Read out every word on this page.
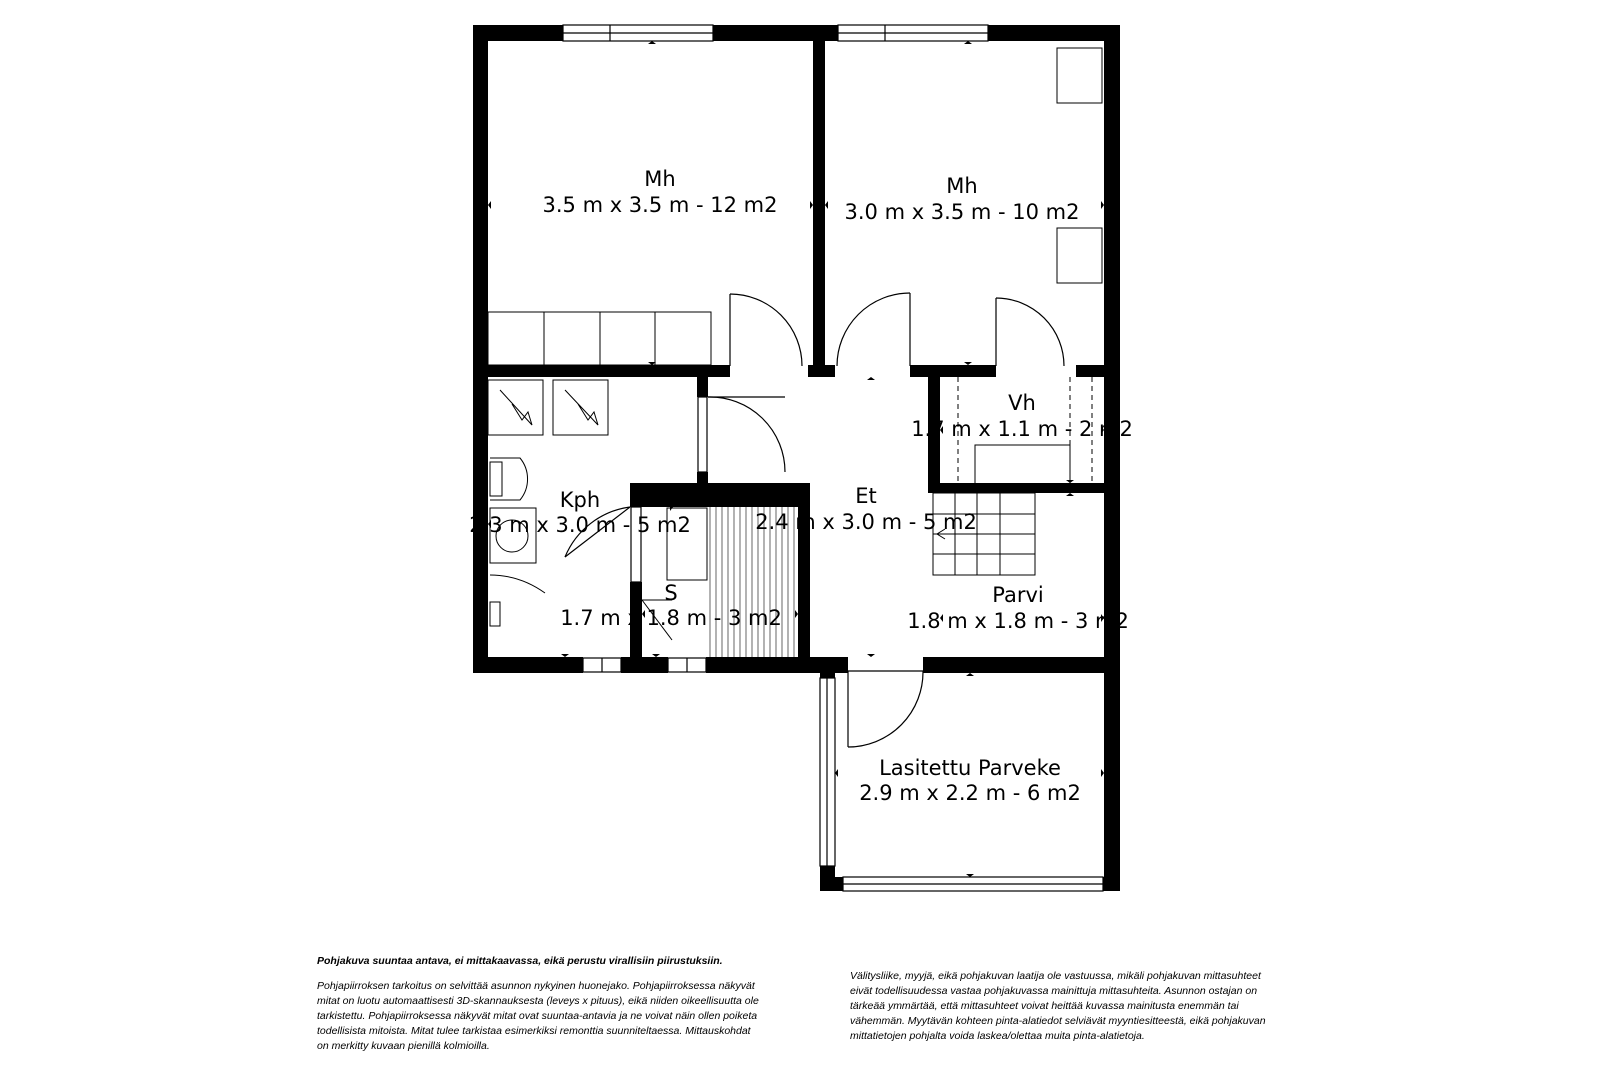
Mh
3.5 m x 3.5 m - 12 m2
Mh
3.0 m x 3.5 m - 10 m2
Vh
1.7 m x 1.1 m - 2 m2
Kph
2.3 m x 3.0 m - 5 m2
Et
2.4 m x 3.0 m - 5 m2
S
1.7 m x 1.8 m - 3 m2
Parvi
1.8 m x 1.8 m - 3 m2
Lasitettu Parveke
2.9 m x 2.2 m - 6 m2

Pohjakuva suuntaa antava, ei mittakaavassa, eikä perustu virallisiin piirustuksiin.

Pohjapiirroksen tarkoitus on selvittää asunnon nykyinen huonejako. Pohjapiirroksessa näkyvät mitat on luotu automaattisesti 3D-skannauksesta (leveys x pituus), eikä niiden oikeellisuutta ole tarkistettu. Pohjapiirroksessa näkyvät mitat ovat suuntaa-antavia ja ne voivat näin ollen poiketa todellisista mitoista. Mitat tulee tarkistaa esimerkiksi remonttia suunniteltaessa. Mittauskohdat on merkitty kuvaan pienillä kolmioilla.

Välitysliike, myyjä, eikä pohjakuvan laatija ole vastuussa, mikäli pohjakuvan mittasuhteet eivät todellisuudessa vastaa pohjakuvassa mainittuja mittasuhteita. Asunnon ostajan on tärkeää ymmärtää, että mittasuhteet voivat heittää kuvassa mainitusta enemmän tai vähemmän. Myytävän kohteen pinta-alatiedot selviävät myyntiesitteestä, eikä pohjakuvan mittatietojen pohjalta voida laskea/olettaa muita pinta-alatietoja.
